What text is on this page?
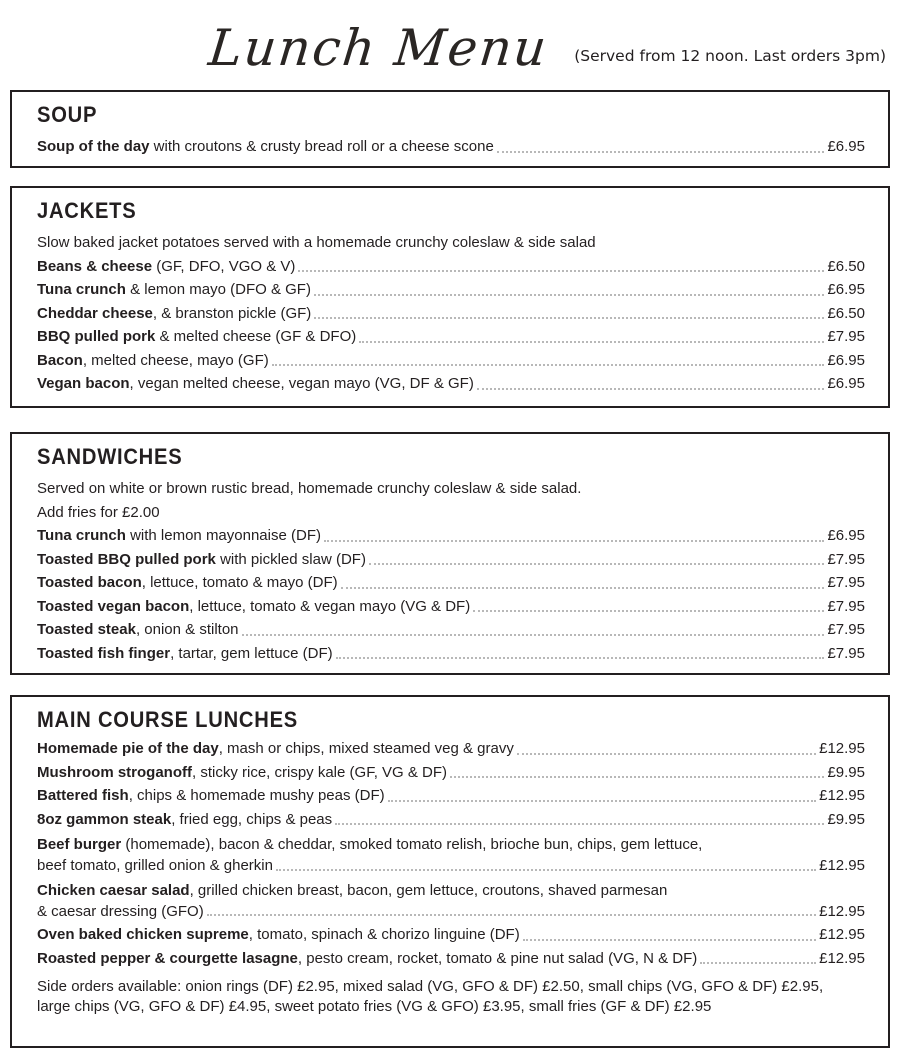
Lunch Menu (Served from 12 noon. Last orders 3pm)
SOUP
Soup of the day with croutons & crusty bread roll or a cheese scone	£6.95
JACKETS
Slow baked jacket potatoes served with a homemade crunchy coleslaw & side salad
Beans & cheese (GF, DFO, VGO & V)	£6.50
Tuna crunch & lemon mayo (DFO & GF)	£6.95
Cheddar cheese, & branston pickle (GF)	£6.50
BBQ pulled pork & melted cheese (GF & DFO)	£7.95
Bacon, melted cheese, mayo (GF)	£6.95
Vegan bacon, vegan melted cheese, vegan mayo (VG, DF & GF)	£6.95
SANDWICHES
Served on white or brown rustic bread, homemade crunchy coleslaw & side salad.
Add fries for £2.00
Tuna crunch with lemon mayonnaise (DF)	£6.95
Toasted BBQ pulled pork with pickled slaw (DF)	£7.95
Toasted bacon, lettuce, tomato & mayo (DF)	£7.95
Toasted vegan bacon, lettuce, tomato & vegan mayo (VG & DF)	£7.95
Toasted steak, onion & stilton	£7.95
Toasted fish finger, tartar, gem lettuce (DF)	£7.95
MAIN COURSE LUNCHES
Homemade pie of the day, mash or chips, mixed steamed veg & gravy	£12.95
Mushroom stroganoff, sticky rice, crispy kale (GF, VG & DF)	£9.95
Battered fish, chips & homemade mushy peas (DF)	£12.95
8oz gammon steak, fried egg, chips & peas	£9.95
Beef burger (homemade), bacon & cheddar, smoked tomato relish, brioche bun, chips, gem lettuce,
beef tomato, grilled onion & gherkin	£12.95
Chicken caesar salad, grilled chicken breast, bacon, gem lettuce, croutons, shaved parmesan
& caesar dressing (GFO)	£12.95
Oven baked chicken supreme, tomato, spinach & chorizo linguine (DF)	£12.95
Roasted pepper & courgette lasagne, pesto cream, rocket, tomato & pine nut salad (VG, N & DF)	£12.95
Side orders available: onion rings (DF) £2.95, mixed salad (VG, GFO & DF) £2.50, small chips (VG, GFO & DF) £2.95,
large chips (VG, GFO & DF) £4.95, sweet potato fries (VG & GFO) £3.95, small fries (GF & DF) £2.95
